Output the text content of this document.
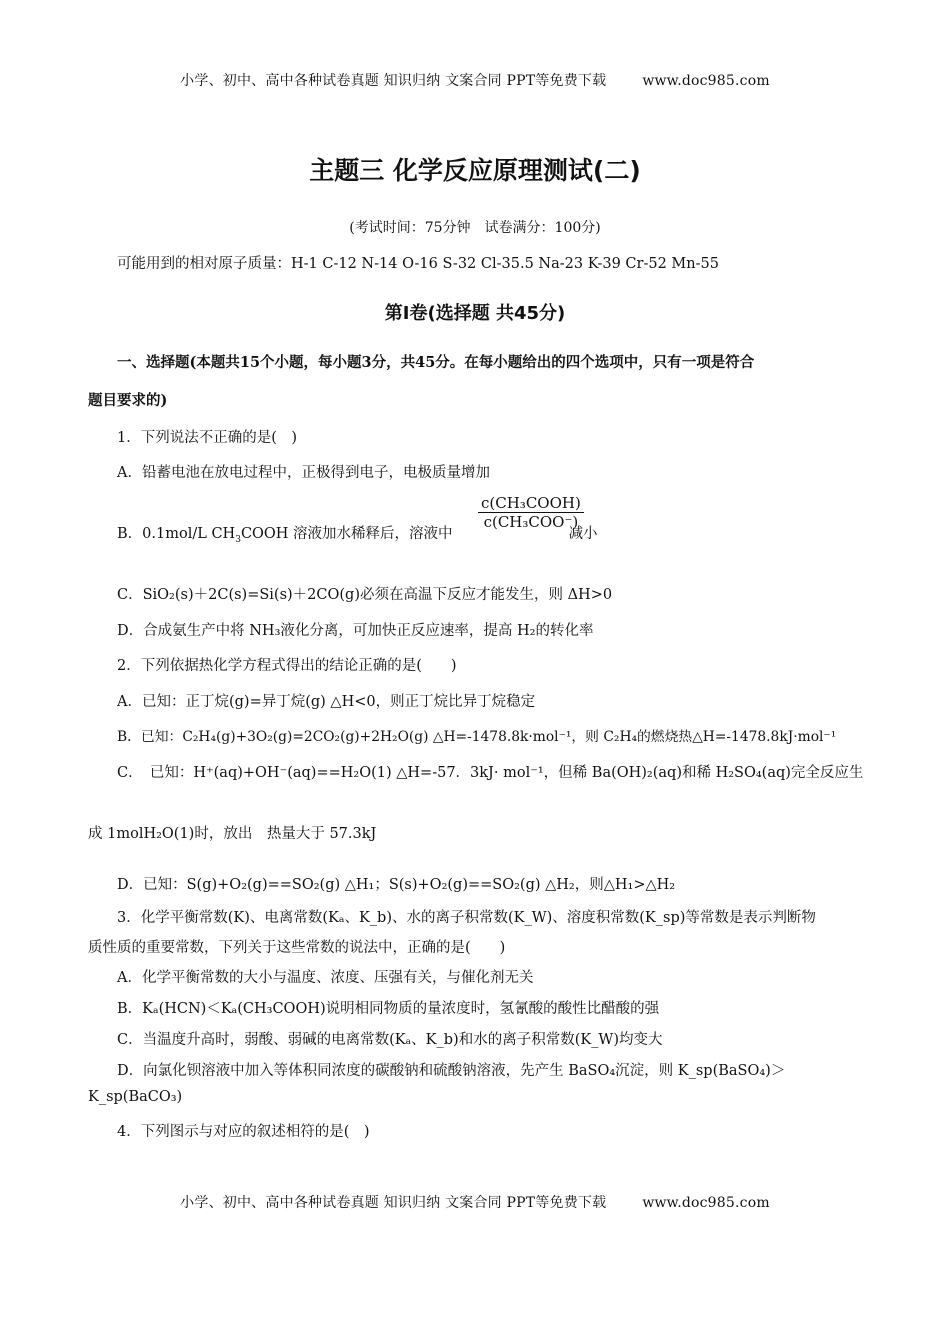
小学、初中、高中各种试卷真题 知识归纳 文案合同 PPT等免费下载	www.doc985.com
主题三 化学反应原理测试(二)
(考试时间：75分钟　试卷满分：100分)
可能用到的相对原子质量：H-1 C-12 N-14 O-16 S-32 Cl-35.5 Na-23 K-39 Cr-52 Mn-55
第Ⅰ卷(选择题 共45分)
一、选择题(本题共15个小题，每小题3分，共45分。在每小题给出的四个选项中，只有一项是符合
题目要求的)
1．下列说法不正确的是(　)
A．铅蓄电池在放电过程中，正极得到电子，电极质量增加
B．0.1mol/L $CH_3COOH$ 溶液加水稀释后，溶液中	减小
c(CH₃COOH)
c(CH₃COO⁻)
C．SiO₂(s)＋2C(s)=Si(s)＋2CO(g)必须在高温下反应才能发生，则 ΔH>0
D．合成氨生产中将 NH₃液化分离，可加快正反应速率，提高 H₂的转化率
2．下列依据热化学方程式得出的结论正确的是(　　)
A．已知：正丁烷(g)=异丁烷(g) △H<0，则正丁烷比异丁烷稳定
B．已知：C₂H₄(g)+3O₂(g)=2CO₂(g)+2H₂O(g) △H=-1478.8k·mol⁻¹，则 C₂H₄的燃烧热△H=-1478.8kJ·mol⁻¹
C．　已知：H⁺(aq)+OH⁻(aq)==H₂O(1) △H=-57．3kJ· mol⁻¹，但稀 Ba(OH)₂(aq)和稀 H₂SO₄(aq)完全反应生
成 1molH₂O(1)时，放出　热量大于 57.3kJ
D．已知：S(g)+O₂(g)==SO₂(g) △H₁；S(s)+O₂(g)==SO₂(g) △H₂，则△H₁>△H₂
3．化学平衡常数(K)、电离常数(Kₐ、K_b)、水的离子积常数(K_W)、溶度积常数(K_sp)等常数是表示判断物
质性质的重要常数，下列关于这些常数的说法中，正确的是(　　)
A．化学平衡常数的大小与温度、浓度、压强有关，与催化剂无关
B．Kₐ(HCN)＜Kₐ(CH₃COOH)说明相同物质的量浓度时，氢氰酸的酸性比醋酸的强
C．当温度升高时，弱酸、弱碱的电离常数(Kₐ、K_b)和水的离子积常数(K_W)均变大
D．向氯化钡溶液中加入等体积同浓度的碳酸钠和硫酸钠溶液，先产生 BaSO₄沉淀，则 K_sp(BaSO₄)＞
K_sp(BaCO₃)
4．下列图示与对应的叙述相符的是(　)
小学、初中、高中各种试卷真题 知识归纳 文案合同 PPT等免费下载	www.doc985.com
